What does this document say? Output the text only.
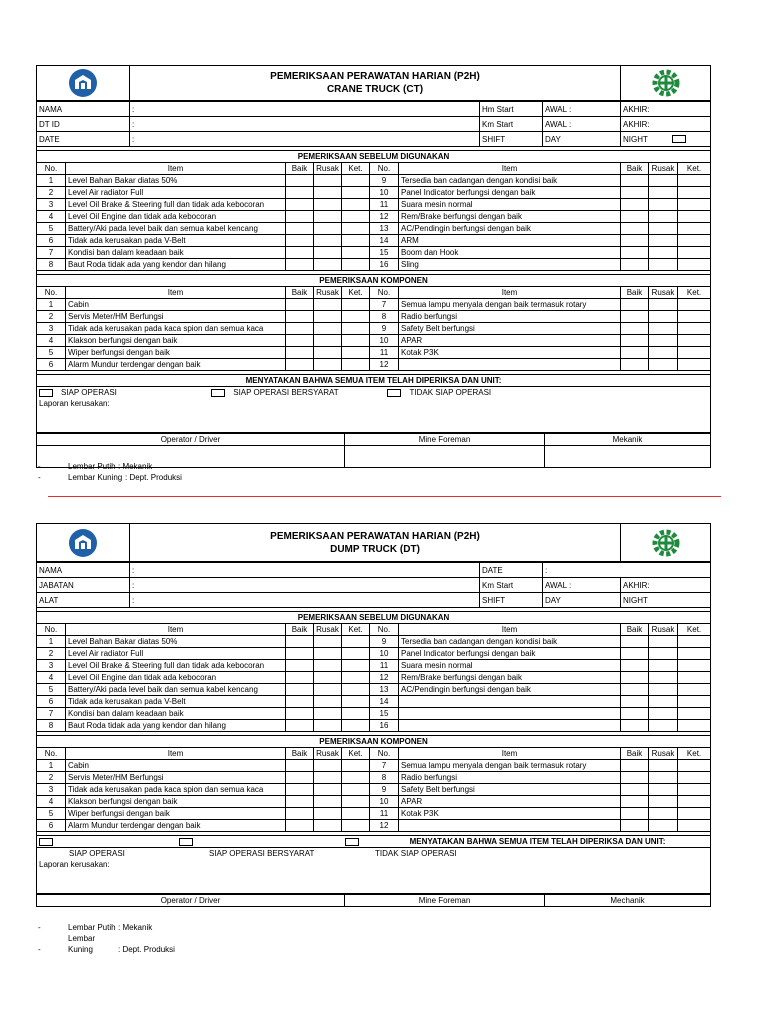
PEMERIKSAAN PERAWATAN HARIAN (P2H)
CRANE TRUCK (CT)

NAMA	:	Hm Start	AWAL :	AKHIR:
DT ID	:	Km Start	AWAL :	AKHIR:
DATE	:	SHIFT	DAY	NIGHT

PEMERIKSAAN SEBELUM DIGUNAKAN									
No.	Item	Baik	Rusak	Ket.	No.	Item	Baik	Rusak	Ket.
1	Level Bahan Bakar diatas 50%				9	Tersedia ban cadangan dengan kondisi baik			
2	Level Air radiator Full				10	Panel Indicator berfungsi dengan baik			
3	Level Oil Brake & Steering full dan tidak ada kebocoran				11	Suara mesin normal			
4	Level Oil Engine dan tidak ada kebocoran				12	Rem/Brake berfungsi dengan baik			
5	Battery/Aki pada level baik dan semua kabel kencang				13	AC/Pendingin berfungsi dengan baik			
6	Tidak ada kerusakan pada V-Belt				14	ARM			
7	Kondisi ban dalam keadaan baik				15	Boom dan Hook			
8	Baut Roda tidak ada yang kendor dan hilang				16	Sling			

PEMERIKSAAN KOMPONEN									
No.	Item	Baik	Rusak	Ket.	No.	Item	Baik	Rusak	Ket.
1	Cabin				7	Semua lampu menyala dengan baik termasuk rotary			
2	Servis Meter/HM Berfungsi				8	Radio berfungsi			
3	Tidak ada kerusakan pada kaca spion dan semua kaca				9	Safety Belt berfungsi			
4	Klakson berfungsi dengan baik				10	APAR			
5	Wiper berfungsi dengan baik				11	Kotak P3K			
6	Alarm Mundur terdengar dengan baik				12				

MENYATAKAN BAHWA SEMUA ITEM TELAH DIPERIKSA DAN UNIT:									
SIAP OPERASI SIAP OPERASI BERSYARAT TIDAK SIAP OPERASI									
Laporan kerusakan:									
Operator / Driver	Mine Foreman	Mekanik

-	Lembar Putih : Mekanik
-	Lembar Kuning : Dept. Produksi

PEMERIKSAAN PERAWATAN HARIAN (P2H)
DUMP TRUCK (DT)

NAMA	:	DATE	:	
JABATAN	:	Km Start	AWAL :	AKHIR:
ALAT	:	SHIFT	DAY	NIGHT

PEMERIKSAAN SEBELUM DIGUNAKAN									
No.	Item	Baik	Rusak	Ket.	No.	Item	Baik	Rusak	Ket.
1	Level Bahan Bakar diatas 50%				9	Tersedia ban cadangan dengan kondisi baik			
2	Level Air radiator Full				10	Panel Indicator berfungsi dengan baik			
3	Level Oil Brake & Steering full dan tidak ada kebocoran				11	Suara mesin normal			
4	Level Oil Engine dan tidak ada kebocoran				12	Rem/Brake berfungsi dengan baik			
5	Battery/Aki pada level baik dan semua kabel kencang				13	AC/Pendingin berfungsi dengan baik			
6	Tidak ada kerusakan pada V-Belt				14				
7	Kondisi ban dalam keadaan baik				15				
8	Baut Roda tidak ada yang kendor dan hilang				16				

PEMERIKSAAN KOMPONEN									
No.	Item	Baik	Rusak	Ket.	No.	Item	Baik	Rusak	Ket.
1	Cabin				7	Semua lampu menyala dengan baik termasuk rotary			
2	Servis Meter/HM Berfungsi				8	Radio berfungsi			
3	Tidak ada kerusakan pada kaca spion dan semua kaca				9	Safety Belt berfungsi			
4	Klakson berfungsi dengan baik				10	APAR			
5	Wiper berfungsi dengan baik				11	Kotak P3K			
6	Alarm Mundur terdengar dengan baik				12				

MENYATAKAN BAHWA SEMUA ITEM TELAH DIPERIKSA DAN UNIT:									
SIAP OPERASI SIAP OPERASI BERSYARAT TIDAK SIAP OPERASI									
Laporan kerusakan:									
Operator / Driver	Mine Foreman	Mechanik
-	Lembar Putih : Mekanik
-Lembar Kuning	: Dept. Produksi
